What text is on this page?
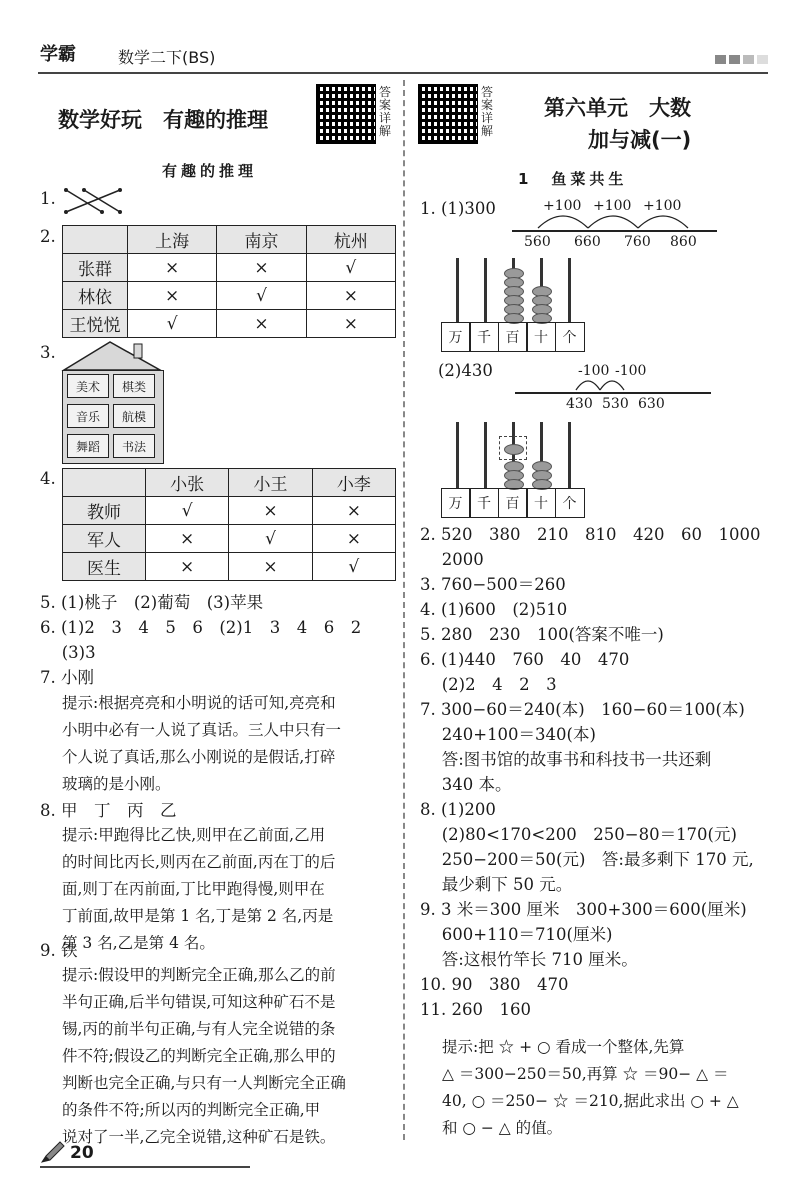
学霸	数学二下(BS)
数学好玩　有趣的推理
答案详解
有趣的推理
1.
2.
		上海	南京	杭州
张群	×	×	√
林依	×	√	×
王悦悦	√	×	×
3.
美术	棋类
音乐	航模
舞蹈	书法
4.
		小张	小王	小李
教师	√	×	×
军人	×	√	×
医生	×	×	√
5. (1)桃子　(2)葡萄　(3)苹果
6. (1)2　3　4　5　6　(2)1　3　4　6　2
　 (3)3
7. 小刚
提示:根据亮亮和小明说的话可知,亮亮和
小明中必有一人说了真话。三人中只有一
个人说了真话,那么小刚说的是假话,打碎
玻璃的是小刚。
8. 甲　丁　丙　乙
提示:甲跑得比乙快,则甲在乙前面,乙用
的时间比丙长,则丙在乙前面,丙在丁的后
面,则丁在丙前面,丁比甲跑得慢,则甲在
丁前面,故甲是第 1 名,丁是第 2 名,丙是
第 3 名,乙是第 4 名。
9. 铁
提示:假设甲的判断完全正确,那么乙的前
半句正确,后半句错误,可知这种矿石不是
锡,丙的前半句正确,与有人完全说错的条
件不符;假设乙的判断完全正确,那么甲的
判断也完全正确,与只有一人判断完全正确
的条件不符;所以丙的判断完全正确,甲
说对了一半,乙完全说错,这种矿石是铁。
20
答案详解
第六单元　大数
加与减(一)
1　鱼菜共生
1. (1)300	+100 +100 +100
560 660 760 860
万	千	百	十	个
(2)430	-100 -100
430 530 630
万	千	百	十	个
2. 520　380　210　810　420　60　1000
　 2000
3. 760−500＝260
4. (1)600　(2)510
5. 280　230　100(答案不唯一)
6. (1)440　760　40　470
　 (2)2　4　2　3
7. 300−60＝240(本)　160−60＝100(本)
　 240+100＝340(本)
　 答:图书馆的故事书和科技书一共还剩
　 340 本。
8. (1)200
　 (2)80<170<200　250−80＝170(元)
　 250−200＝50(元)　答:最多剩下 170 元,
　 最少剩下 50 元。
9. 3 米＝300 厘米　300+300＝600(厘米)
　 600+110＝710(厘米)
　 答:这根竹竿长 710 厘米。
10. 90　380　470
11. 260　160
提示:把 ☆ + ○ 看成一个整体,先算
△ ＝300−250＝50,再算 ☆ ＝90− △ ＝
40, ○ ＝250− ☆ ＝210,据此求出 ○ + △
和 ○ − △ 的值。
